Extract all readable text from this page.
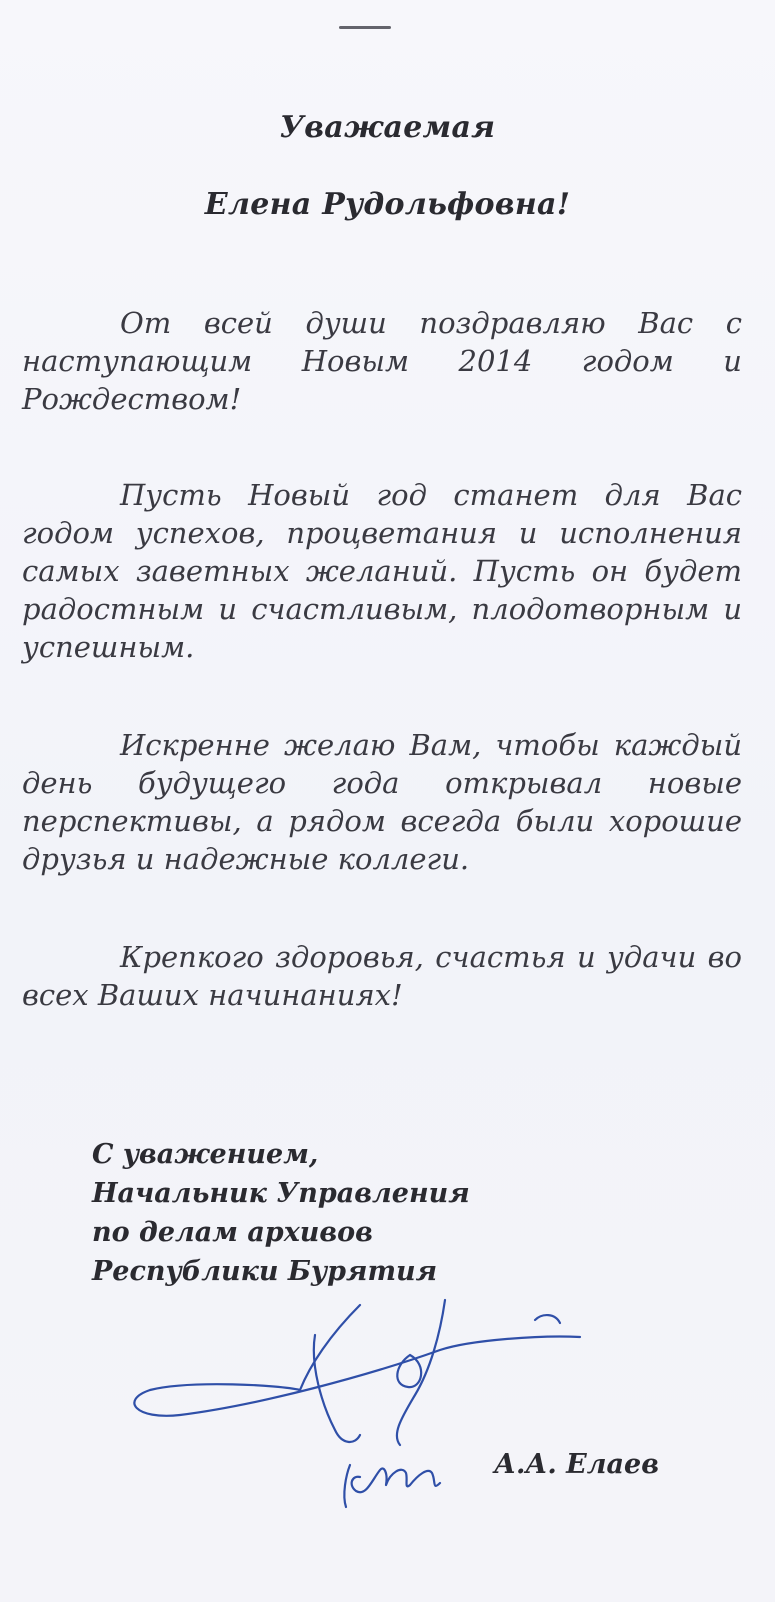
Уважаемая
Елена Рудольфовна!
От всей души поздравляю Вас с наступающим Новым 2014 годом и Рождеством!
Пусть Новый год станет для Вас годом успехов, процветания и исполнения самых заветных желаний. Пусть он будет радостным и счастливым, плодотворным и успешным.
Искренне желаю Вам, чтобы каждый день будущего года открывал новые перспективы, а рядом всегда были хорошие друзья и надежные коллеги.
Крепкого здоровья, счастья и удачи во всех Ваших начинаниях!
С уважением,
Начальник Управления
по делам архивов
Республики Бурятия
А.А. Елаев
